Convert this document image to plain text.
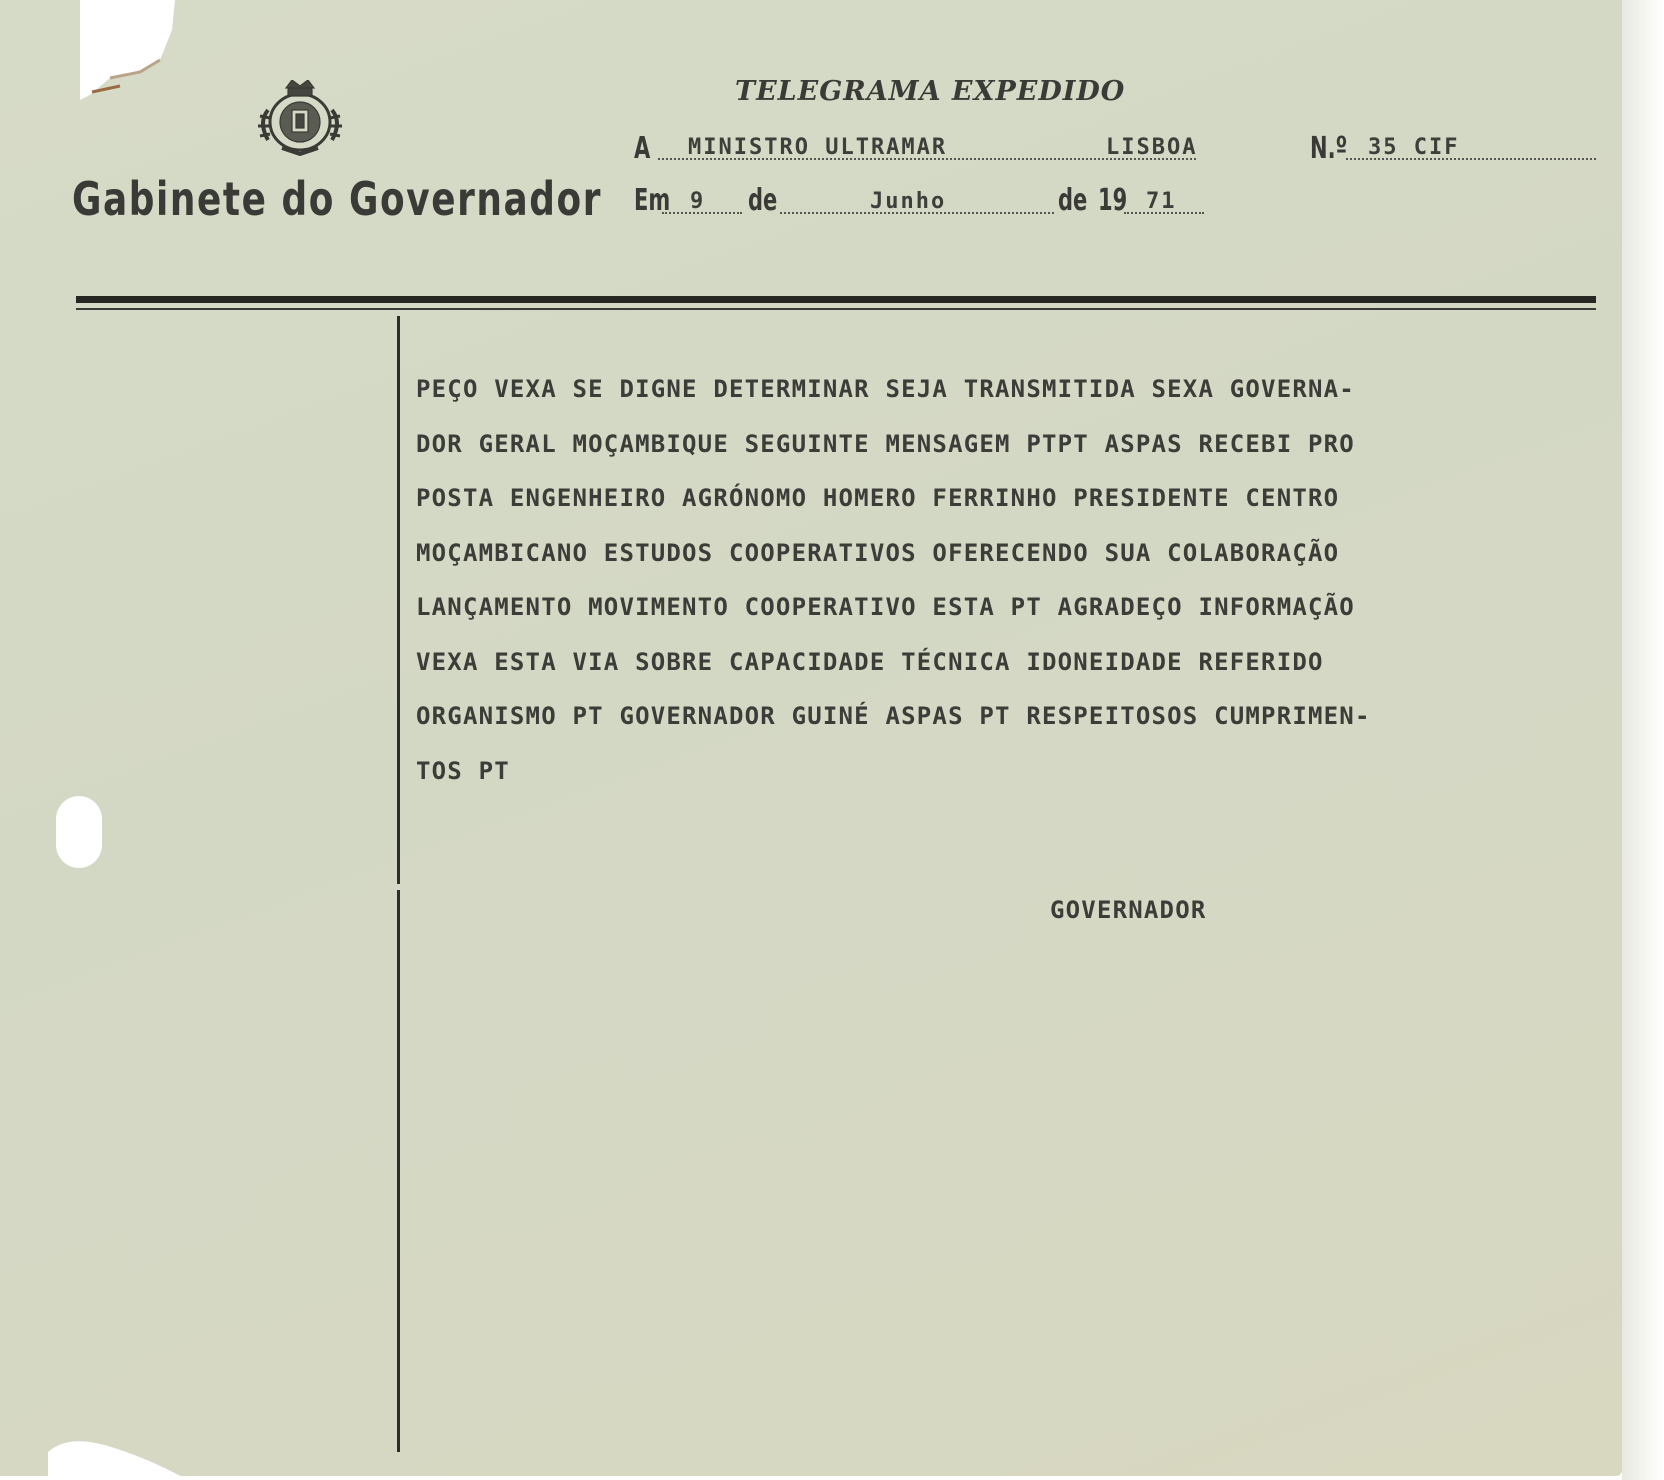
Gabinete do Governador
TELEGRAMA EXPEDIDO
A MINISTRO ULTRAMAR	LISBOA	N.º 35 CIF
Em 9 de	Junho	de 19 71
PEÇO VEXA SE DIGNE DETERMINAR SEJA TRANSMITIDA SEXA GOVERNA-
DOR GERAL MOÇAMBIQUE SEGUINTE MENSAGEM PTPT ASPAS RECEBI PRO
POSTA ENGENHEIRO AGRÓNOMO HOMERO FERRINHO PRESIDENTE CENTRO
MOÇAMBICANO ESTUDOS COOPERATIVOS OFERECENDO SUA COLABORAÇÃO
LANÇAMENTO MOVIMENTO COOPERATIVO ESTA PT AGRADEÇO INFORMAÇÃO
VEXA ESTA VIA SOBRE CAPACIDADE TÉCNICA IDONEIDADE REFERIDO
ORGANISMO PT GOVERNADOR GUINÉ ASPAS PT RESPEITOSOS CUMPRIMEN-
TOS PT
GOVERNADOR
